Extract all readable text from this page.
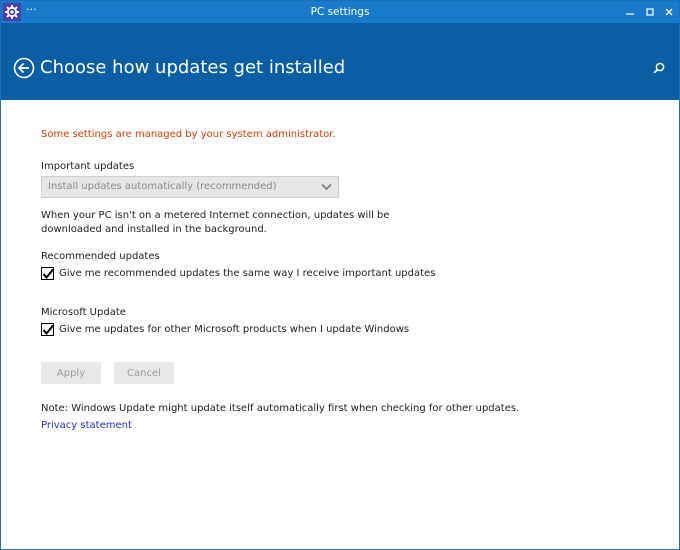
···	PC settings
Choose how updates get installed
Some settings are managed by your system administrator.
Important updates
Install updates automatically (recommended)
When your PC isn't on a metered Internet connection, updates will be downloaded and installed in the background.
Recommended updates
Give me recommended updates the same way I receive important updates
Microsoft Update
Give me updates for other Microsoft products when I update Windows
Apply	Cancel
Note: Windows Update might update itself automatically first when checking for other updates.
Privacy statement
